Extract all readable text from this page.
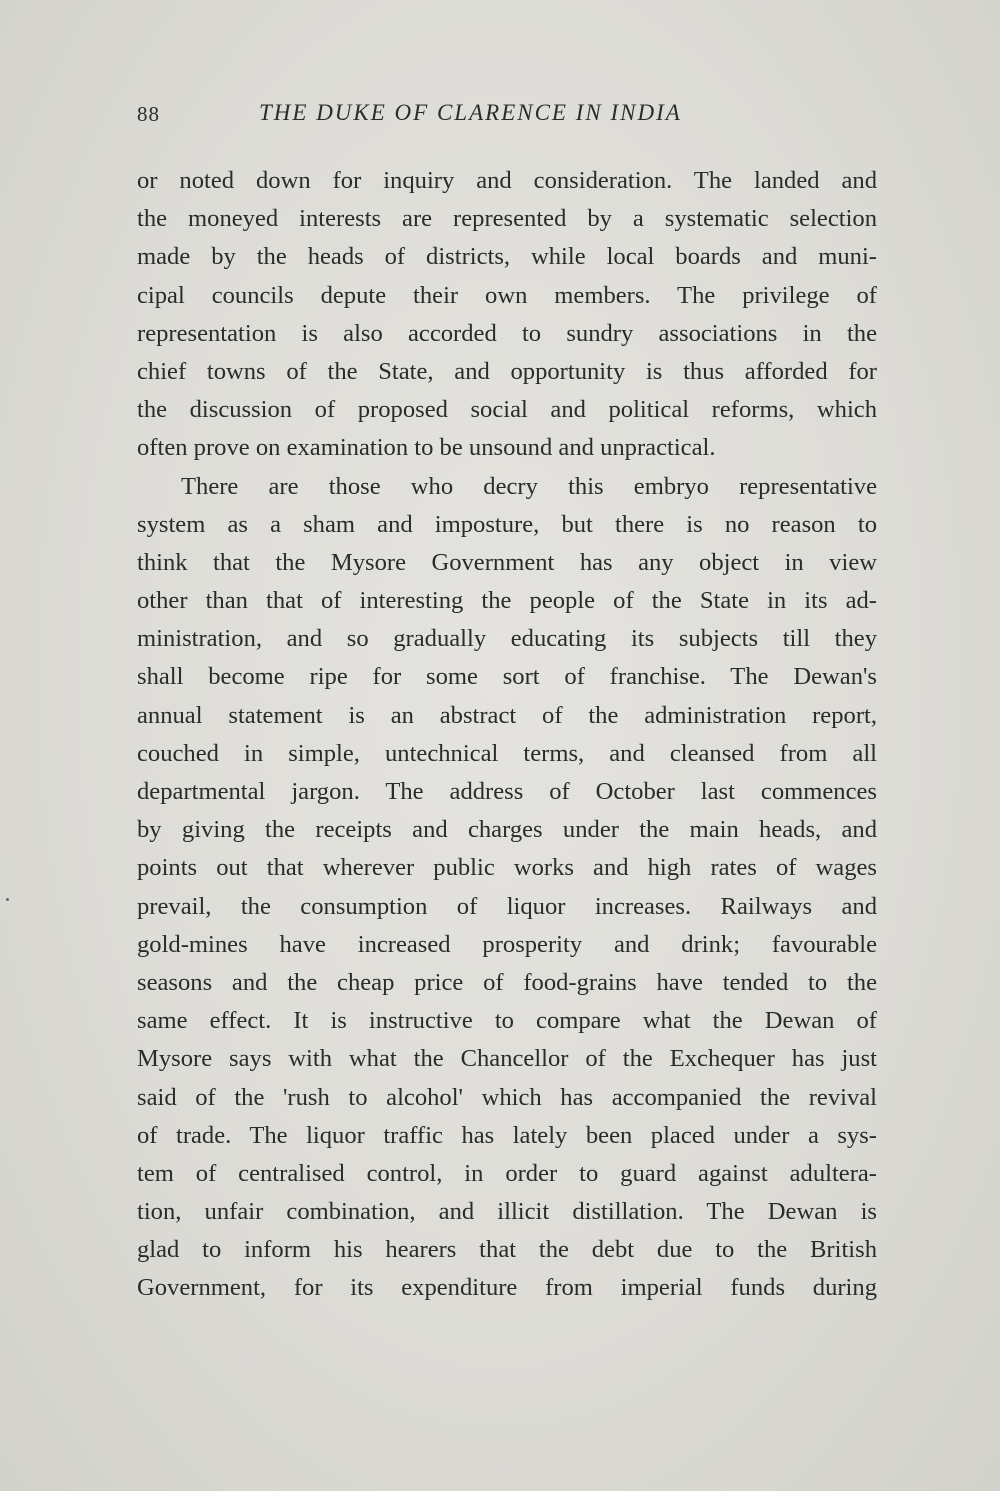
88	THE DUKE OF CLARENCE IN INDIA
or noted down for inquiry and consideration. The landed and
the moneyed interests are represented by a systematic selection
made by the heads of districts, while local boards and muni-
cipal councils depute their own members. The privilege of
representation is also accorded to sundry associations in the
chief towns of the State, and opportunity is thus afforded for
the discussion of proposed social and political reforms, which
often prove on examination to be unsound and unpractical.
There are those who decry this embryo representative
system as a sham and imposture, but there is no reason to
think that the Mysore Government has any object in view
other than that of interesting the people of the State in its ad-
ministration, and so gradually educating its subjects till they
shall become ripe for some sort of franchise. The Dewan's
annual statement is an abstract of the administration report,
couched in simple, untechnical terms, and cleansed from all
departmental jargon. The address of October last commences
by giving the receipts and charges under the main heads, and
points out that wherever public works and high rates of wages
prevail, the consumption of liquor increases. Railways and
gold-mines have increased prosperity and drink; favourable
seasons and the cheap price of food-grains have tended to the
same effect. It is instructive to compare what the Dewan of
Mysore says with what the Chancellor of the Exchequer has just
said of the 'rush to alcohol' which has accompanied the revival
of trade. The liquor traffic has lately been placed under a sys-
tem of centralised control, in order to guard against adultera-
tion, unfair combination, and illicit distillation. The Dewan is
glad to inform his hearers that the debt due to the British
Government, for its expenditure from imperial funds during
